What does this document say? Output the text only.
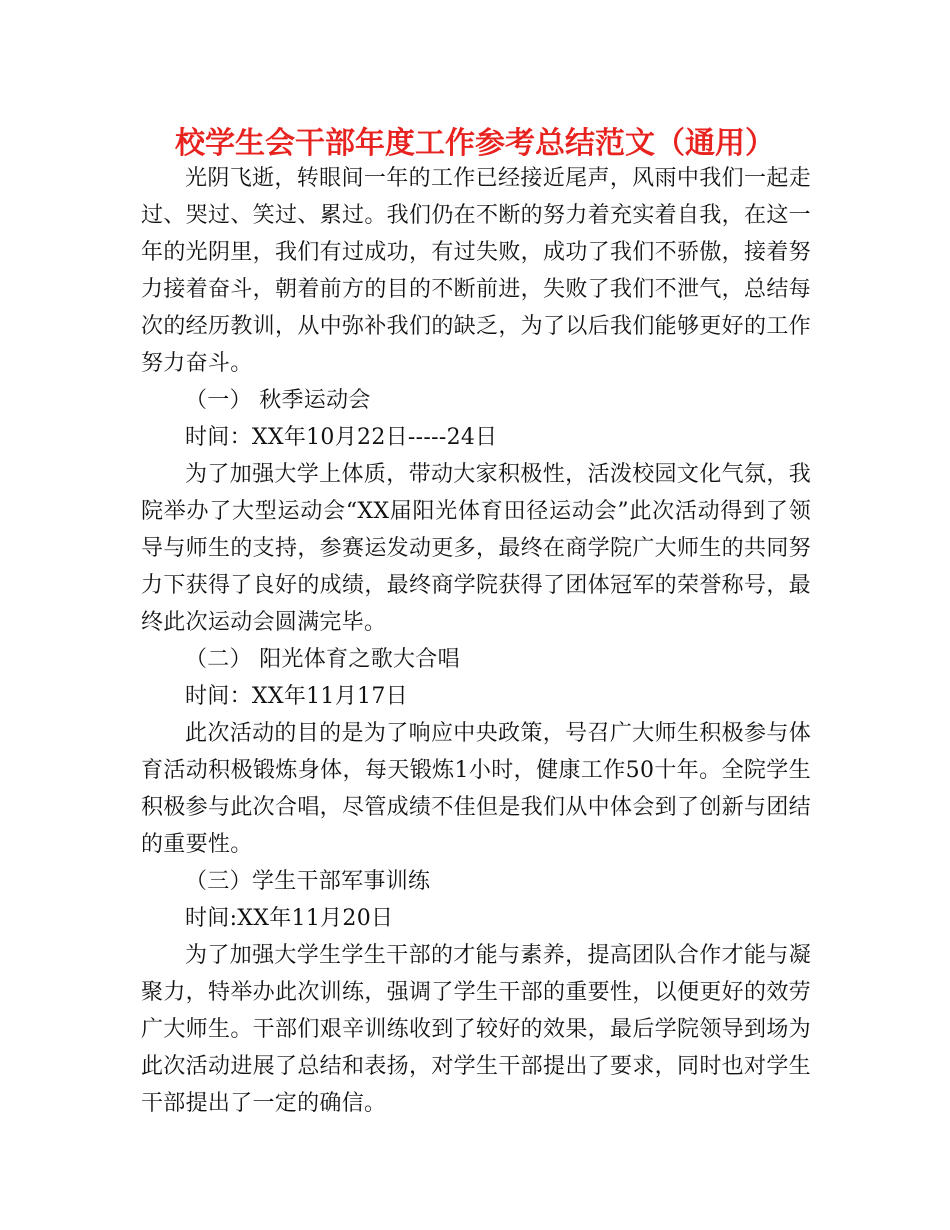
校学生会干部年度工作参考总结范文（通用）

光阴飞逝，转眼间一年的工作已经接近尾声，风雨中我们一起走过、哭过、笑过、累过。我们仍在不断的努力着充实着自我，在这一年的光阴里，我们有过成功，有过失败，成功了我们不骄傲，接着努力接着奋斗，朝着前方的目的不断前进，失败了我们不泄气，总结每次的经历教训，从中弥补我们的缺乏，为了以后我们能够更好的工作努力奋斗。

（一） 秋季运动会

时间：XX年10月22日-----24日

为了加强大学上体质，带动大家积极性，活泼校园文化气氛，我院举办了大型运动会“XX届阳光体育田径运动会”此次活动得到了领导与师生的支持，参赛运发动更多，最终在商学院广大师生的共同努力下获得了良好的成绩，最终商学院获得了团体冠军的荣誉称号，最终此次运动会圆满完毕。

（二） 阳光体育之歌大合唱

时间：XX年11月17日

此次活动的目的是为了响应中央政策，号召广大师生积极参与体育活动积极锻炼身体，每天锻炼1小时，健康工作50十年。全院学生积极参与此次合唱，尽管成绩不佳但是我们从中体会到了创新与团结的重要性。

（三）学生干部军事训练

时间:XX年11月20日

为了加强大学生学生干部的才能与素养，提高团队合作才能与凝聚力，特举办此次训练，强调了学生干部的重要性，以便更好的效劳广大师生。干部们艰辛训练收到了较好的效果，最后学院领导到场为此次活动进展了总结和表扬，对学生干部提出了要求，同时也对学生干部提出了一定的确信。
